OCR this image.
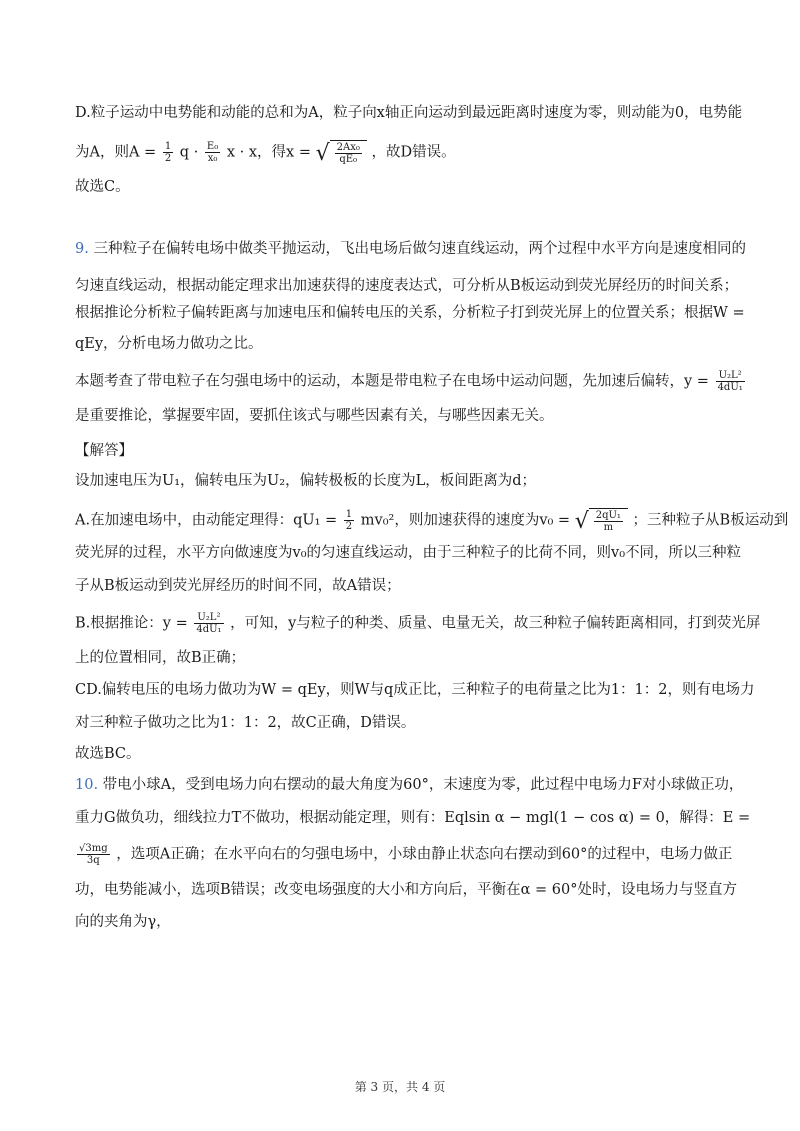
D.粒子运动中电势能和动能的总和为A，粒子向x轴正向运动到最远距离时速度为零，则动能为0，电势能
为A，则$A = \frac{1}{2}$ $q \cdot \frac{\text{E₀}}{\text{x₀}}$ x · x，得x = √ $\frac{\text{2Ax₀}}{\text{qE₀}}$ ，故D错误。
故选C。
9. 三种粒子在偏转电场中做类平抛运动，飞出电场后做匀速直线运动，两个过程中水平方向是速度相同的
匀速直线运动，根据动能定理求出加速获得的速度表达式，可分析从B板运动到荧光屏经历的时间关系；
根据推论分析粒子偏转距离与加速电压和偏转电压的关系，分析粒子打到荧光屏上的位置关系；根据W =
qEy，分析电场力做功之比。
本题考查了带电粒子在匀强电场中的运动，本题是带电粒子在电场中运动问题，先加速后偏转，$y = \frac{\text{U₂L²}}{\text{4dU₁}}$
是重要推论，掌握要牢固，要抓住该式与哪些因素有关，与哪些因素无关。
【解答】
设加速电压为U₁，偏转电压为U₂，偏转极板的长度为L，板间距离为d；
A.在加速电场中，由动能定理得：$qU_1 = \frac{1}{2} mv_0^2$，则加速获得的速度为v₀ = √ $\frac{\text{2qU₁}}{m}$ ；三种粒子从B板运动到
荧光屏的过程，水平方向做速度为v₀的匀速直线运动，由于三种粒子的比荷不同，则v₀不同，所以三种粒
子从B板运动到荧光屏经历的时间不同，故A错误；
B.根据推论：$y = \frac{\text{U₂L²}}{\text{4dU₁}}$ ，可知，y与粒子的种类、质量、电量无关，故三种粒子偏转距离相同，打到荧光屏
上的位置相同，故B正确；
CD.偏转电压的电场力做功为W = qEy，则W与q成正比，三种粒子的电荷量之比为1：1：2，则有电场力
对三种粒子做功之比为1：1：2，故C正确，D错误。
故选BC。
10. 带电小球A，受到电场力向右摆动的最大角度为60°，末速度为零，此过程中电场力F对小球做正功，
重力G做负功，细线拉力T不做功，根据动能定理，则有：Eqlsin α − mgl(1 − cos α) = 0，解得：E =
$\frac{√3mg}{3q}$ ，选项A正确；在水平向右的匀强电场中，小球由静止状态向右摆动到60°的过程中，电场力做正
功，电势能减小，选项B错误；改变电场强度的大小和方向后，平衡在α = 60°处时，设电场力与竖直方
向的夹角为γ，
第 3 页，共 4 页
